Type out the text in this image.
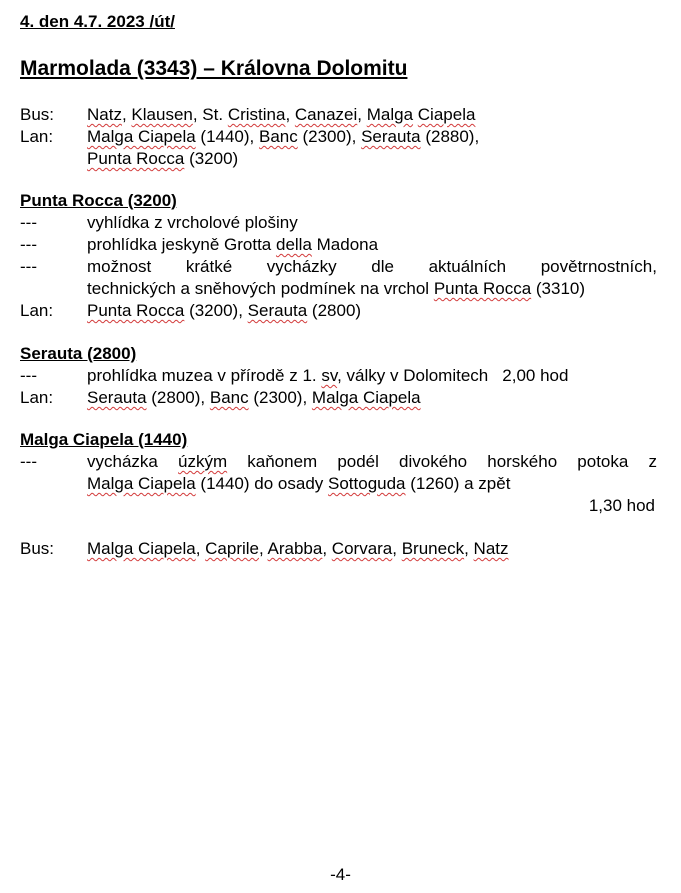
4. den 4.7. 2023 /út/
Marmolada (3343) – Královna Dolomitu
Bus:	Natz, Klausen, St. Cristina, Canazei, Malga Ciapela
Lan:	Malga Ciapela (1440), Banc (2300), Serauta (2880),
Punta Rocca (3200)
Punta Rocca (3200)
---	vyhlídka z vrcholové plošiny
---	prohlídka jeskyně Grotta della Madona
---	možnost krátké vycházky dle aktuálních povětrnostních,
technických a sněhových podmínek na vrchol Punta Rocca (3310)
Lan:	Punta Rocca (3200), Serauta (2800)
Serauta (2800)
---	prohlídka muzea v přírodě z 1. sv, války v Dolomitech 2,00 hod
Lan:	Serauta (2800), Banc (2300), Malga Ciapela
Malga Ciapela (1440)
---	vycházka úzkým kaňonem podél divokého horského potoka z
Malga Ciapela (1440) do osady Sottoguda (1260) a zpět
1,30 hod
Bus:	Malga Ciapela, Caprile, Arabba, Corvara, Bruneck, Natz
-4-
